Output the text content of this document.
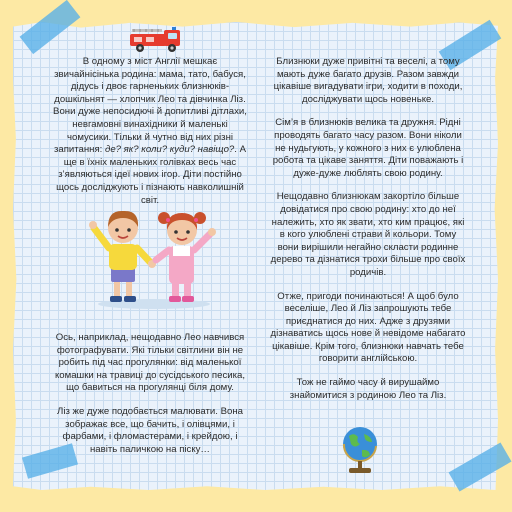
В одному з міст Англії мешкає звичайнісінька родина: мама, тато, бабуся, дідусь і двоє гарненьких близнюків-дошкільнят — хлопчик Лео та дівчинка Ліз. Вони дуже непосидючі й допитливі дітлахи, невгамовні винахідники й маленькі чомусики. Тільки й чутно від них різні запитання: де? як? коли? куди? навіщо?. А ще в їхніх маленьких голівках весь час з’являються ідеї нових ігор. Діти постійно щось досліджують і пізнають навколишній світ.

Ось, наприклад, нещодавно Лео навчився фотографувати. Які тільки світлини він не робить під час прогулянки: від маленької комашки на травиці до сусідського песика, що бавиться на прогулянці біля дому.

Ліз же дуже подобається малювати. Вона зображає все, що бачить, і олівцями, і фарбами, і фломастерами, і крейдою, і навіть паличкою на піску…

Близнюки дуже привітні та веселі, а тому мають дуже багато друзів. Разом завжди цікавіше вигадувати ігри, ходити в походи, досліджувати щось новеньке.

Сім’я в близнюків велика та дружня. Рідні проводять багато часу разом. Вони ніколи не нудьгують, у кожного з них є улюблена робота та цікаве заняття. Діти поважають і дуже-дуже люблять свою родину.

Нещодавно близнюкам закортіло більше довідатися про свою родину: хто до неї належить, хто як звати, хто ким працює, які в кого улюблені страви й кольори. Тому вони вирішили негайно скласти родинне дерево та дізнатися трохи більше про своїх родичів.

Отже, пригоди починаються! А щоб було веселіше, Лео й Ліз запрошують тебе приєднатися до них. Адже з друзями дізнаватись щось нове й невідоме набагато цікавіше. Крім того, близнюки навчать тебе говорити англійською.

Тож не гаймо часу й вирушаймо знайомитися з родиною Лео та Ліз.
